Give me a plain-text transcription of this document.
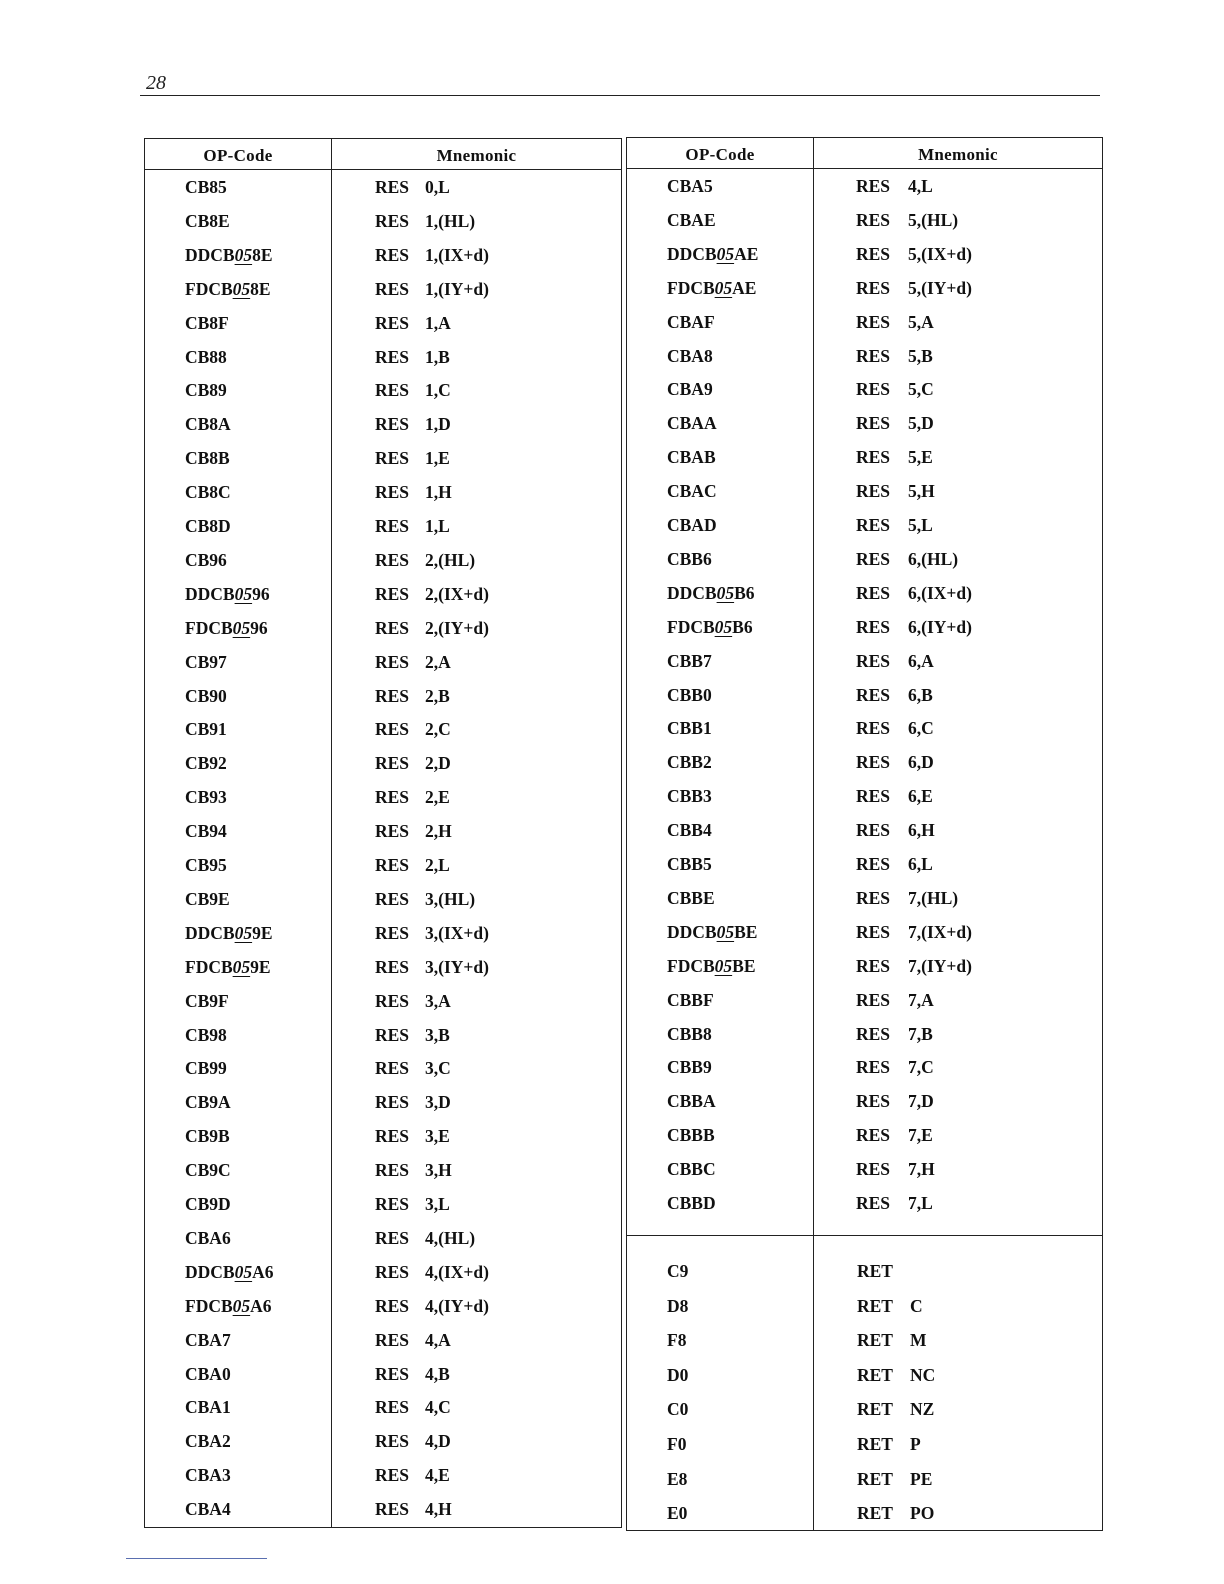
28
OP-Code	Mnemonic
CB85	RES 0,L
CB8E	RES 1,(HL)
DDCB058E	RES 1,(IX+d)
FDCB058E	RES 1,(IY+d)
CB8F	RES 1,A
CB88	RES 1,B
CB89	RES 1,C
CB8A	RES 1,D
CB8B	RES 1,E
CB8C	RES 1,H
CB8D	RES 1,L
CB96	RES 2,(HL)
DDCB0596	RES 2,(IX+d)
FDCB0596	RES 2,(IY+d)
CB97	RES 2,A
CB90	RES 2,B
CB91	RES 2,C
CB92	RES 2,D
CB93	RES 2,E
CB94	RES 2,H
CB95	RES 2,L
CB9E	RES 3,(HL)
DDCB059E	RES 3,(IX+d)
FDCB059E	RES 3,(IY+d)
CB9F	RES 3,A
CB98	RES 3,B
CB99	RES 3,C
CB9A	RES 3,D
CB9B	RES 3,E
CB9C	RES 3,H
CB9D	RES 3,L
CBA6	RES 4,(HL)
DDCB05A6	RES 4,(IX+d)
FDCB05A6	RES 4,(IY+d)
CBA7	RES 4,A
CBA0	RES 4,B
CBA1	RES 4,C
CBA2	RES 4,D
CBA3	RES 4,E
CBA4	RES 4,H
OP-Code	Mnemonic
CBA5	RES 4,L
CBAE	RES 5,(HL)
DDCB05AE	RES 5,(IX+d)
FDCB05AE	RES 5,(IY+d)
CBAF	RES 5,A
CBA8	RES 5,B
CBA9	RES 5,C
CBAA	RES 5,D
CBAB	RES 5,E
CBAC	RES 5,H
CBAD	RES 5,L
CBB6	RES 6,(HL)
DDCB05B6	RES 6,(IX+d)
FDCB05B6	RES 6,(IY+d)
CBB7	RES 6,A
CBB0	RES 6,B
CBB1	RES 6,C
CBB2	RES 6,D
CBB3	RES 6,E
CBB4	RES 6,H
CBB5	RES 6,L
CBBE	RES 7,(HL)
DDCB05BE	RES 7,(IX+d)
FDCB05BE	RES 7,(IY+d)
CBBF	RES 7,A
CBB8	RES 7,B
CBB9	RES 7,C
CBBA	RES 7,D
CBBB	RES 7,E
CBBC	RES 7,H
CBBD	RES 7,L
C9	RET
D8	RET C
F8	RET M
D0	RET NC
C0	RET NZ
F0	RET P
E8	RET PE
E0	RET PO
